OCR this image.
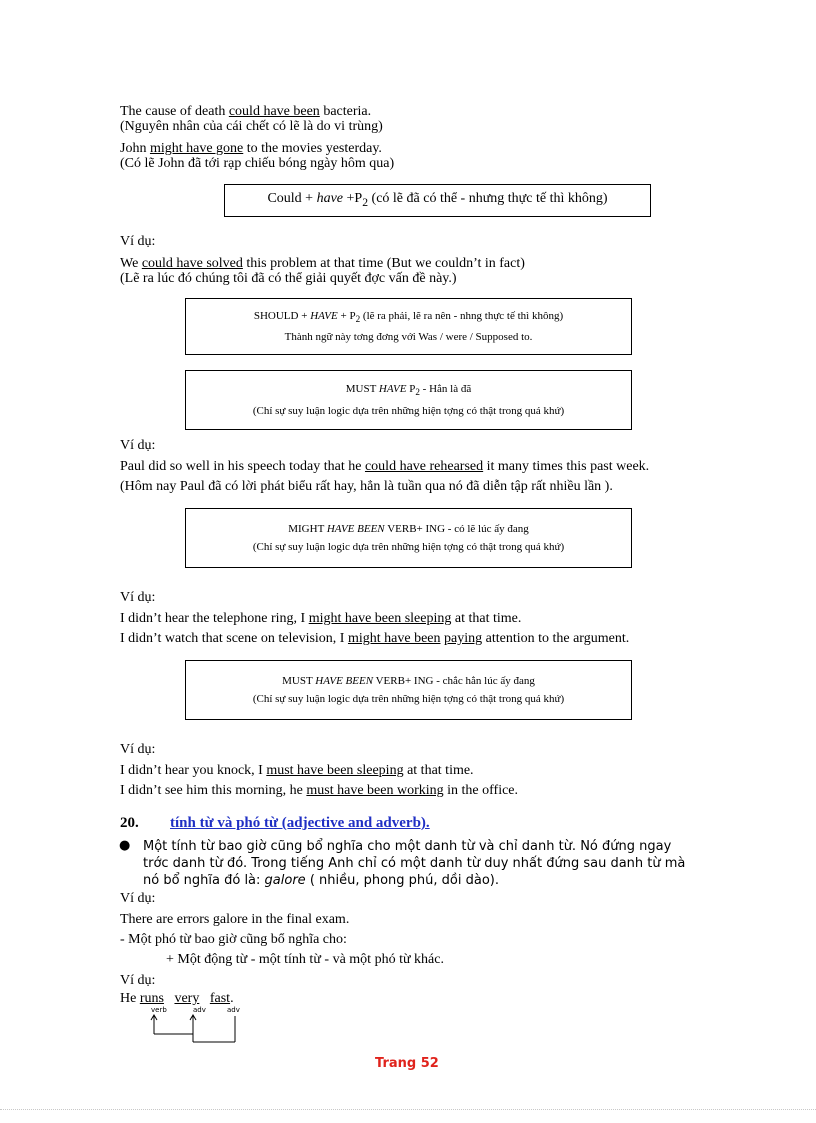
The cause of death could have been bacteria.
(Nguyên nhân của cái chết có lẽ là do vi trùng)
John might have gone to the movies yesterday.
(Có lẽ John đã tới rạp chiếu bóng ngày hôm qua)
Could + have $+P_2$ (có lẽ đã có thể - nhưng thực tế thì không)
Ví dụ:
We could have solved this problem at that time (But we couldn’t in fact)
(Lẽ ra lúc đó chúng tôi đã có thể giải quyết đợc vấn đề này.)
SHOULD + HAVE + $P_2$ (lẽ ra phải, lẽ ra nên - nhng thực tế thì không)
Thành ngữ này tơng đơng với Was / were / Supposed to.
MUST HAVE $P_2$ - Hẳn là đã
(Chỉ sự suy luận logic dựa trên những hiện tợng có thật trong quá khứ)
Ví dụ:
Paul did so well in his speech today that he could have rehearsed it many times this past week.
(Hôm nay Paul đã có lời phát biểu rất hay, hẳn là tuần qua nó đã diễn tập rất nhiều lần ).
MIGHT HAVE BEEN VERB+ ING - có lẽ lúc ấy đang
(Chỉ sự suy luận logic dựa trên những hiện tợng có thật trong quá khứ)
Ví dụ:
I didn’t hear the telephone ring, I might have been sleeping at that time.
I didn’t watch that scene on television, I might have been paying attention to the argument.
MUST HAVE BEEN VERB+ ING - chắc hẳn lúc ấy đang
(Chỉ sự suy luận logic dựa trên những hiện tợng có thật trong quá khứ)
Ví dụ:
I didn’t hear you knock, I must have been sleeping at that time.
I didn’t see him this morning, he must have been working in the office.
20. tính từ và phó từ (adjective and adverb).
● Một tính từ bao giờ cũng bổ nghĩa cho một danh từ và chỉ danh từ. Nó đứng ngay
trớc danh từ đó. Trong tiếng Anh chỉ có một danh từ duy nhất đứng sau danh từ mà
nó bổ nghĩa đó là: galore ( nhiều, phong phú, dồi dào).
Ví dụ:
There are errors galore in the final exam.
- Một phó từ bao giờ cũng bổ nghĩa cho:
+ Một động từ - một tính từ - và một phó từ khác.
Ví dụ:
He runs very fast.
verb	adv	adv
Trang 52
